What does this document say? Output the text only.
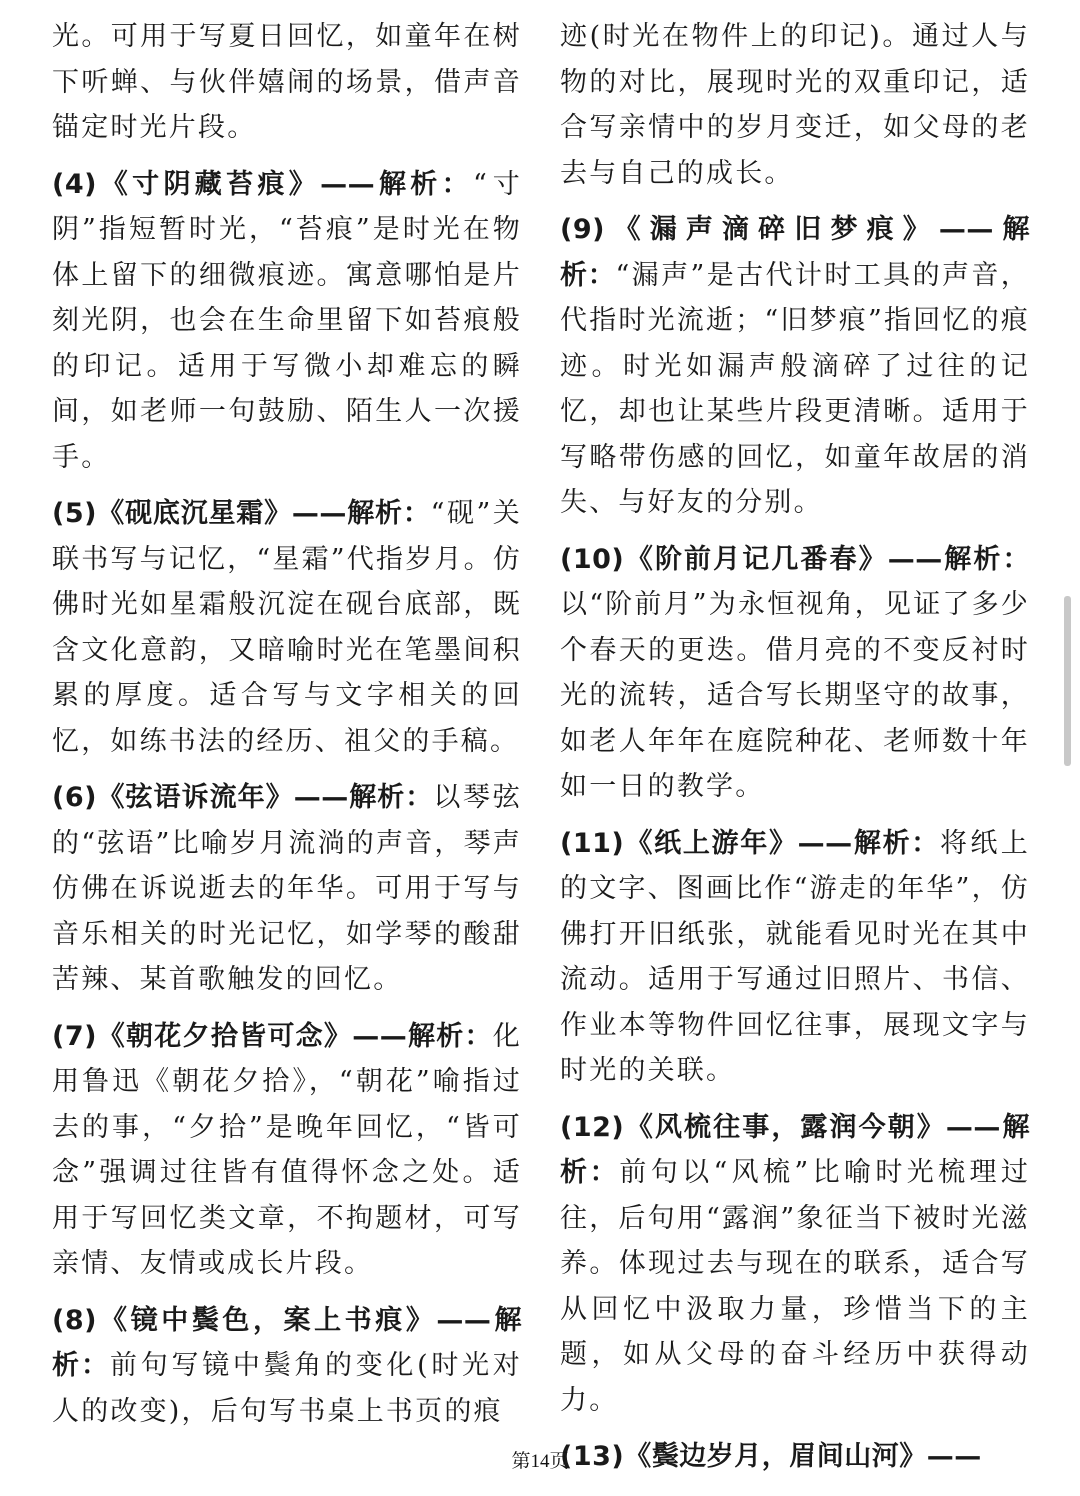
光。可用于写夏日回忆，如童年在树下听蝉、与伙伴嬉闹的场景，借声音锚定时光片段。

(4)《寸阴藏苔痕》——解析：“寸阴”指短暂时光，“苔痕”是时光在物体上留下的细微痕迹。寓意哪怕是片刻光阴，也会在生命里留下如苔痕般的印记。适用于写微小却难忘的瞬间，如老师一句鼓励、陌生人一次援手。

(5)《砚底沉星霜》——解析：“砚”关联书写与记忆，“星霜”代指岁月。仿佛时光如星霜般沉淀在砚台底部，既含文化意韵，又暗喻时光在笔墨间积累的厚度。适合写与文字相关的回忆，如练书法的经历、祖父的手稿。

(6)《弦语诉流年》——解析：以琴弦的“弦语”比喻岁月流淌的声音，琴声仿佛在诉说逝去的年华。可用于写与音乐相关的时光记忆，如学琴的酸甜苦辣、某首歌触发的回忆。

(7)《朝花夕拾皆可念》——解析：化用鲁迅《朝花夕拾》，“朝花”喻指过去的事，“夕拾”是晚年回忆，“皆可念”强调过往皆有值得怀念之处。适用于写回忆类文章，不拘题材，可写亲情、友情或成长片段。

(8)《镜中鬓色，案上书痕》——解析：前句写镜中鬓角的变化(时光对人的改变)，后句写书桌上书页的痕

迹(时光在物件上的印记)。通过人与物的对比，展现时光的双重印记，适合写亲情中的岁月变迁，如父母的老去与自己的成长。

(9)《漏声滴碎旧梦痕》——解析：“漏声”是古代计时工具的声音，代指时光流逝；“旧梦痕”指回忆的痕迹。时光如漏声般滴碎了过往的记忆，却也让某些片段更清晰。适用于写略带伤感的回忆，如童年故居的消失、与好友的分别。

(10)《阶前月记几番春》——解析：以“阶前月”为永恒视角，见证了多少个春天的更迭。借月亮的不变反衬时光的流转，适合写长期坚守的故事，如老人年年在庭院种花、老师数十年如一日的教学。

(11)《纸上游年》——解析：将纸上的文字、图画比作“游走的年华”，仿佛打开旧纸张，就能看见时光在其中流动。适用于写通过旧照片、书信、作业本等物件回忆往事，展现文字与时光的关联。

(12)《风梳往事，露润今朝》——解析：前句以“风梳”比喻时光梳理过往，后句用“露润”象征当下被时光滋养。体现过去与现在的联系，适合写从回忆中汲取力量，珍惜当下的主题，如从父母的奋斗经历中获得动力。

(13)《鬓边岁月，眉间山河》——

第14页
